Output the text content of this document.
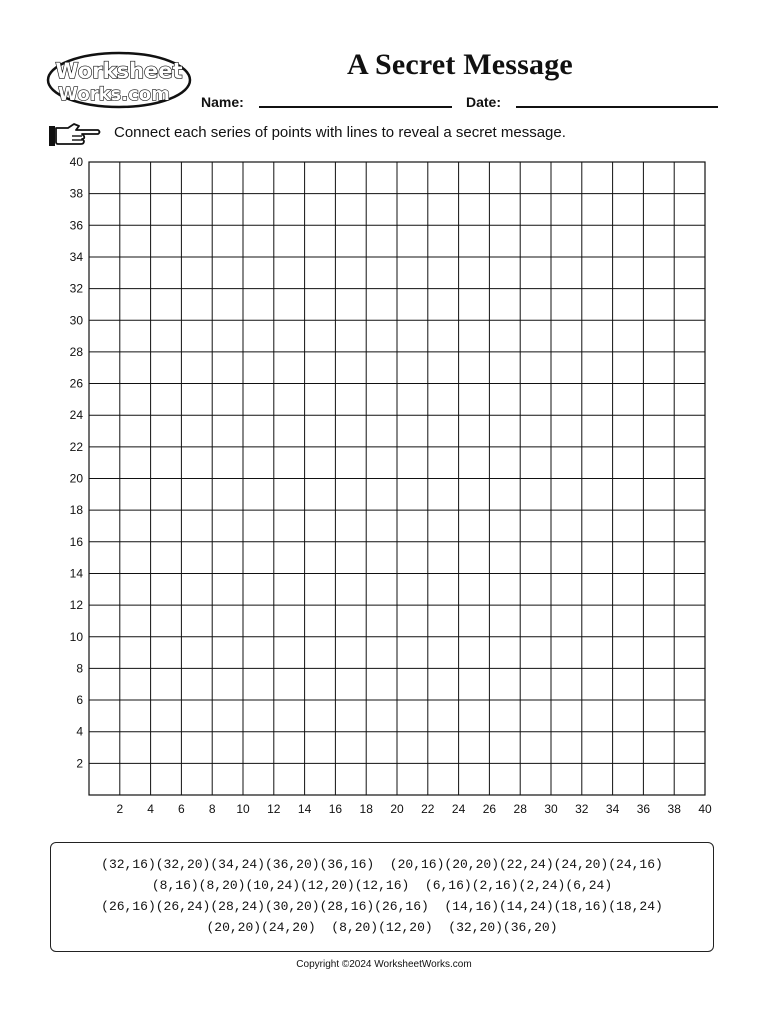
Worksheet
Works.com
A Secret Message
Name:	Date:
Connect each series of points with lines to reveal a secret message.
2 4 6 8 10 12 14 16 18 20 22 24 26 28 30 32 34 36 38 40
2
4
6
8
10
12
14
16
18
20
22
24
26
28
30
32
34
36
38
40
(32,16)(32,20)(34,24)(36,20)(36,16)  (20,16)(20,20)(22,24)(24,20)(24,16)
(8,16)(8,20)(10,24)(12,20)(12,16)  (6,16)(2,16)(2,24)(6,24)
(26,16)(26,24)(28,24)(30,20)(28,16)(26,16)  (14,16)(14,24)(18,16)(18,24)
(20,20)(24,20)  (8,20)(12,20)  (32,20)(36,20)
Copyright ©2024 WorksheetWorks.com
